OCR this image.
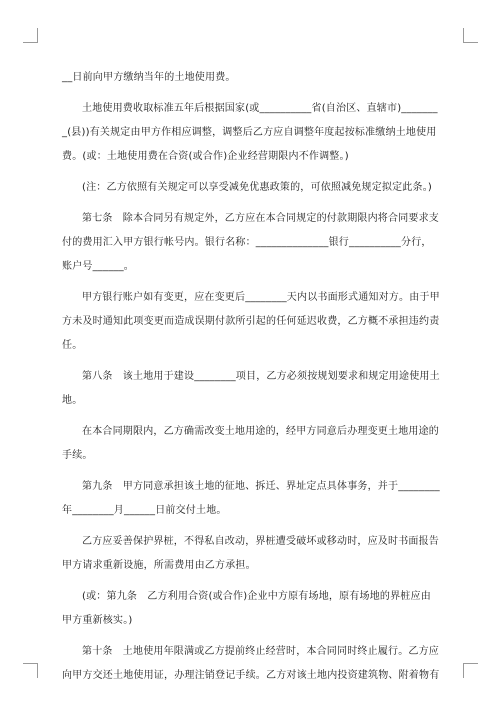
__日前向甲方缴纳当年的土地使用费。

土地使用费收取标准五年后根据国家(或__________省(自治区、直辖市)________(县))有关规定由甲方作相应调整，调整后乙方应自调整年度起按标准缴纳土地使用费。(或：土地使用费在合资(或合作)企业经营期限内不作调整。)

(注：乙方依照有关规定可以享受减免优惠政策的，可依照减免规定拟定此条。)

第七条　除本合同另有规定外，乙方应在本合同规定的付款期限内将合同要求支付的费用汇入甲方银行帐号内。银行名称：______________银行__________分行，账户号______。

甲方银行账户如有变更，应在变更后________天内以书面形式通知对方。由于甲方未及时通知此项变更而造成误期付款所引起的任何延迟收费，乙方概不承担违约责任。

第八条　该土地用于建设________项目，乙方必须按规划要求和规定用途使用土地。

在本合同期限内，乙方确需改变土地用途的，经甲方同意后办理变更土地用途的手续。

第九条　甲方同意承担该土地的征地、拆迁、界址定点具体事务，并于________年________月______日前交付土地。

乙方应妥善保护界桩，不得私自改动，界桩遭受破坏或移动时，应及时书面报告甲方请求重新设施，所需费用由乙方承担。

(或：第九条　乙方利用合资(或合作)企业中方原有场地，原有场地的界桩应由甲方重新核实。)

第十条　土地使用年限满或乙方提前终止经营时，本合同同时终止履行。乙方应向甲方交还土地使用证，办理注销登记手续。乙方对该土地内投资建筑物、附着物有
